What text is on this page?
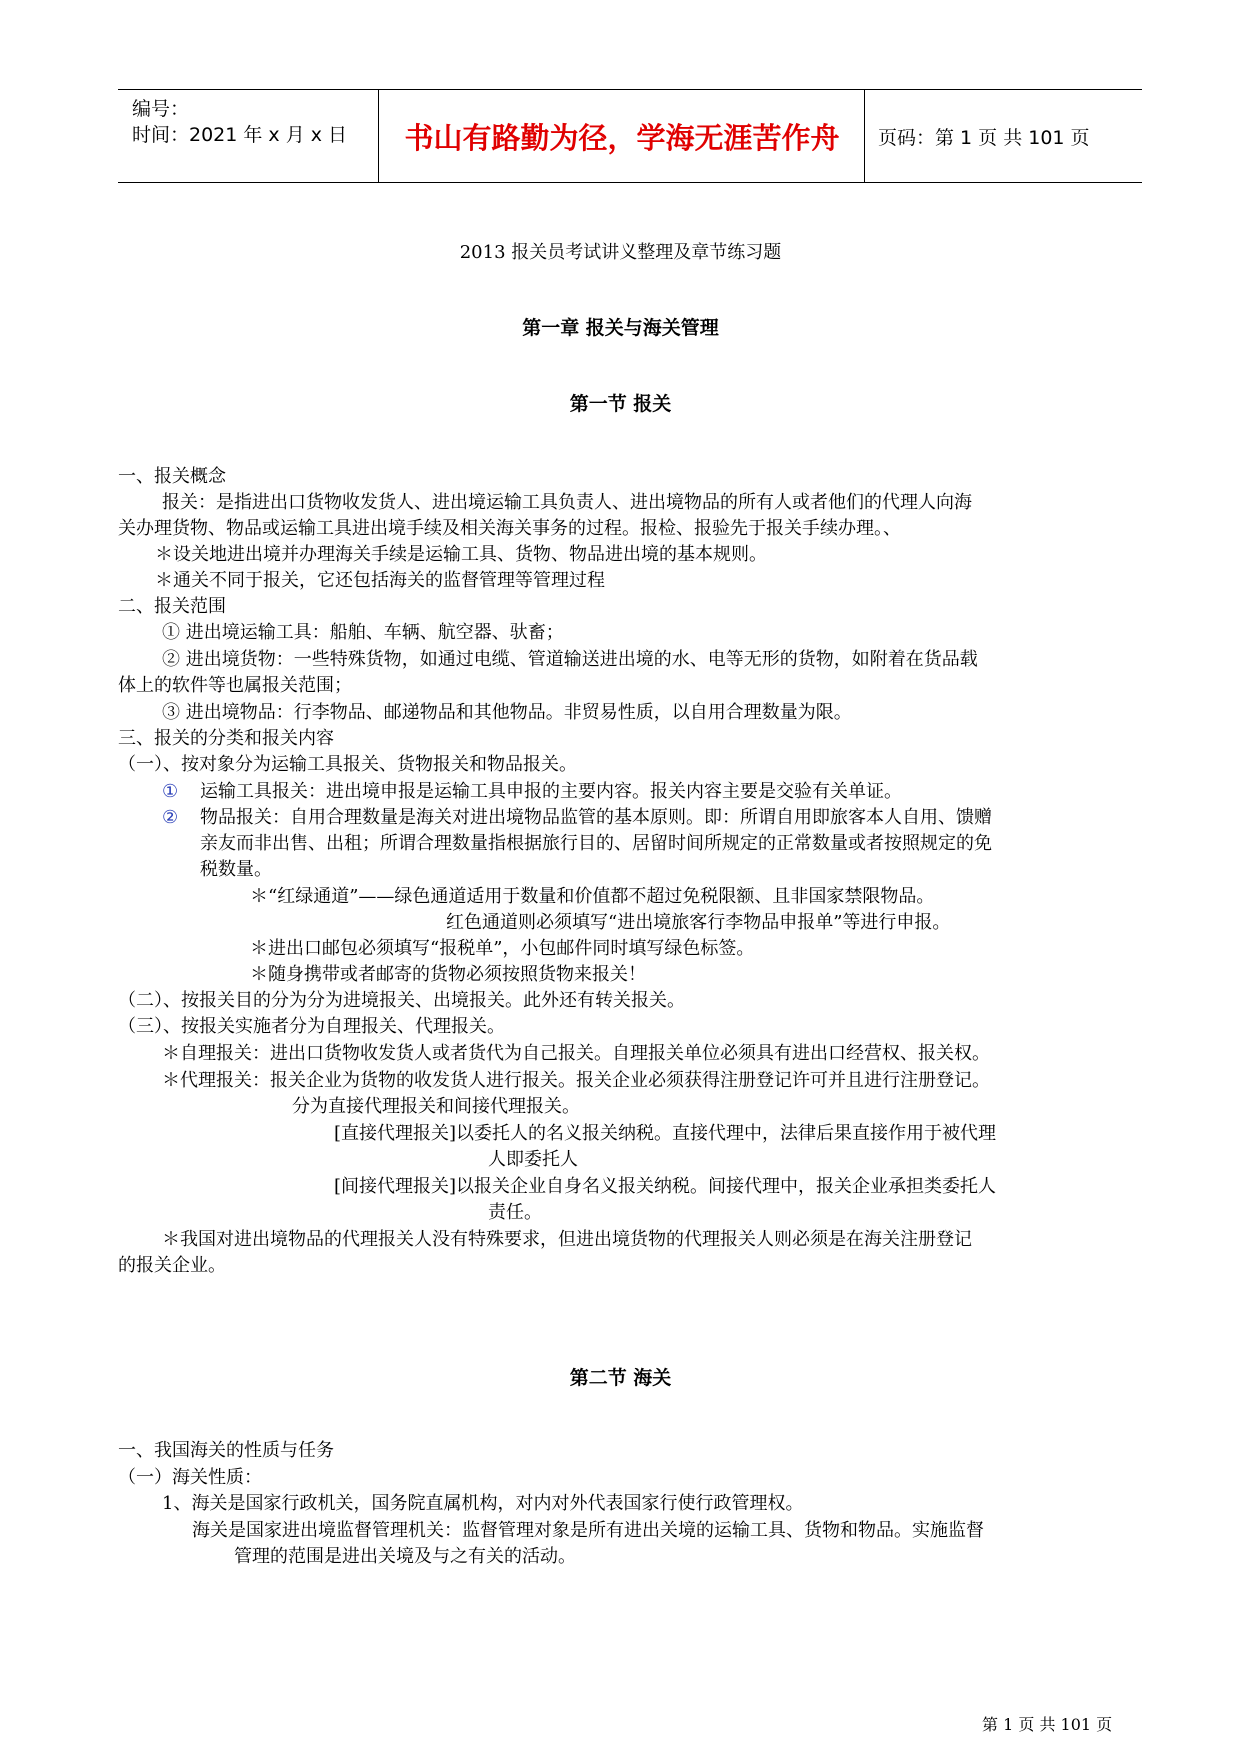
编号：
时间：2021 年 x 月 x 日	书山有路勤为径，学海无涯苦作舟	页码：第 1 页 共 101 页
2013 报关员考试讲义整理及章节练习题
第一章 报关与海关管理
第一节 报关
一、报关概念
报关：是指进出口货物收发货人、进出境运输工具负责人、进出境物品的所有人或者他们的代理人向海
关办理货物、物品或运输工具进出境手续及相关海关事务的过程。报检、报验先于报关手续办理。、
＊设关地进出境并办理海关手续是运输工具、货物、物品进出境的基本规则。
＊通关不同于报关，它还包括海关的监督管理等管理过程
二、报关范围
① 进出境运输工具：船舶、车辆、航空器、驮畜；
② 进出境货物：一些特殊货物，如通过电缆、管道输送进出境的水、电等无形的货物，如附着在货品载
体上的软件等也属报关范围；
③ 进出境物品：行李物品、邮递物品和其他物品。非贸易性质，以自用合理数量为限。
三、报关的分类和报关内容
（一）、按对象分为运输工具报关、货物报关和物品报关。
① 运输工具报关：进出境申报是运输工具申报的主要内容。报关内容主要是交验有关单证。
② 物品报关：自用合理数量是海关对进出境物品监管的基本原则。即：所谓自用即旅客本人自用、馈赠
亲友而非出售、出租；所谓合理数量指根据旅行目的、居留时间所规定的正常数量或者按照规定的免
税数量。
＊“红绿通道”——绿色通道适用于数量和价值都不超过免税限额、且非国家禁限物品。
红色通道则必须填写“进出境旅客行李物品申报单”等进行申报。
＊进出口邮包必须填写“报税单”，小包邮件同时填写绿色标签。
＊随身携带或者邮寄的货物必须按照货物来报关！
（二）、按报关目的分为分为进境报关、出境报关。此外还有转关报关。
（三）、按报关实施者分为自理报关、代理报关。
＊自理报关：进出口货物收发货人或者货代为自己报关。自理报关单位必须具有进出口经营权、报关权。
＊代理报关：报关企业为货物的收发货人进行报关。报关企业必须获得注册登记许可并且进行注册登记。
分为直接代理报关和间接代理报关。
[直接代理报关]以委托人的名义报关纳税。直接代理中，法律后果直接作用于被代理
人即委托人
[间接代理报关]以报关企业自身名义报关纳税。间接代理中，报关企业承担类委托人
责任。
＊我国对进出境物品的代理报关人没有特殊要求，但进出境货物的代理报关人则必须是在海关注册登记
的报关企业。
第二节 海关
一、我国海关的性质与任务
（一）海关性质：
1、海关是国家行政机关，国务院直属机构，对内对外代表国家行使行政管理权。
海关是国家进出境监督管理机关：监督管理对象是所有进出关境的运输工具、货物和物品。实施监督
管理的范围是进出关境及与之有关的活动。
第 1 页 共 101 页
